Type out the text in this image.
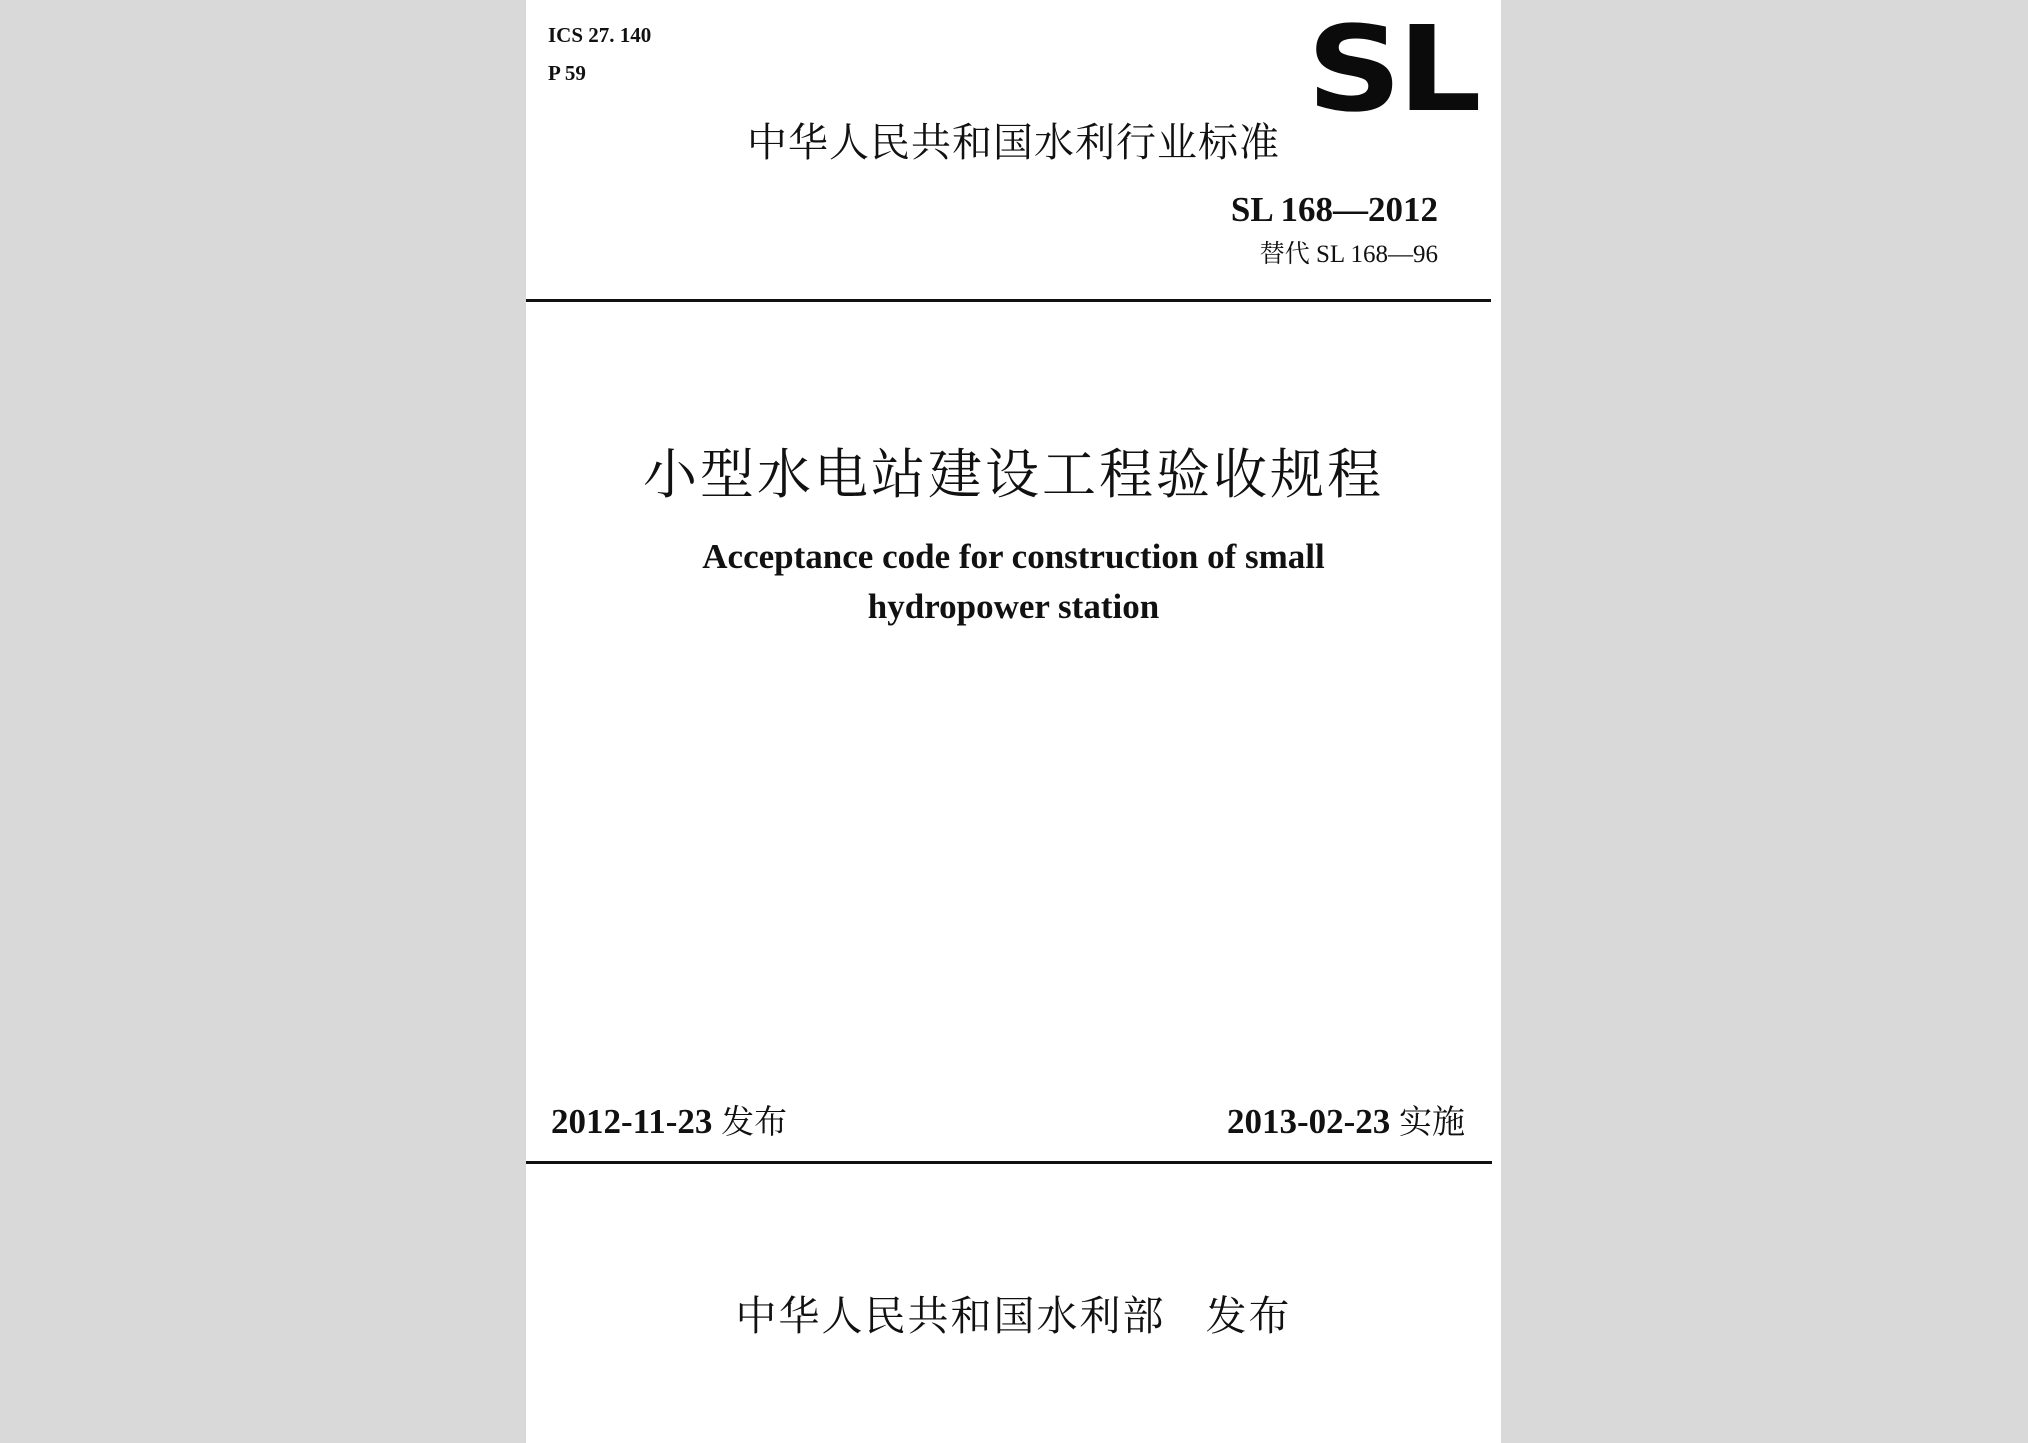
ICS 27. 140
P 59	SL
中华人民共和国水利行业标准
SL 168—2012
替代 SL 168—96
小型水电站建设工程验收规程
Acceptance code for construction of small
hydropower station
2012-11-23 发布	2013-02-23 实施
中华人民共和国水利部 发布
